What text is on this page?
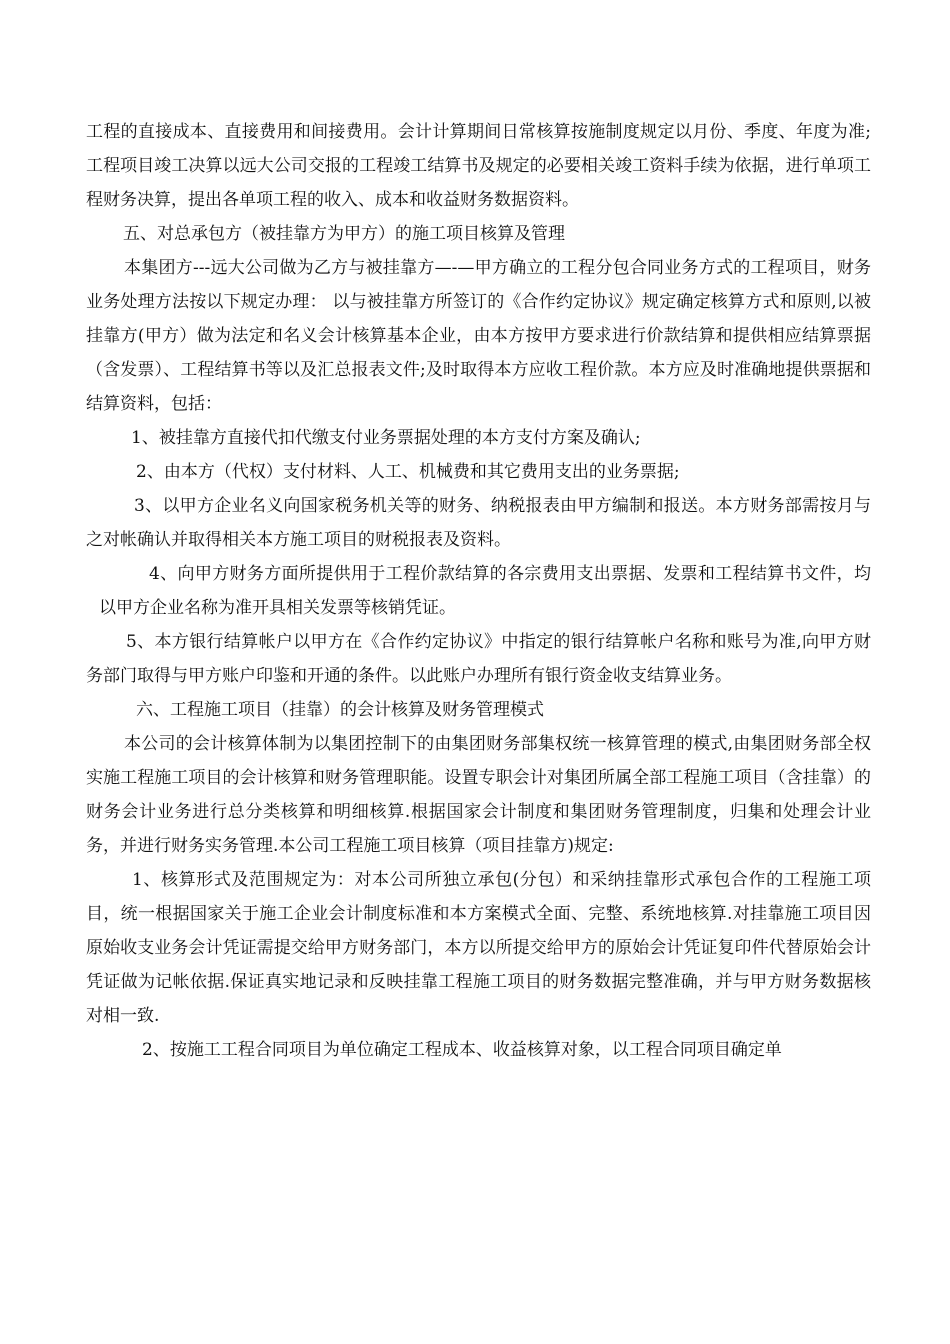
工程的直接成本、直接费用和间接费用。会计计算期间日常核算按施制度规定以月份、季度、年度为准;工程项目竣工决算以远大公司交报的工程竣工结算书及规定的必要相关竣工资料手续为依据，进行单项工程财务决算，提出各单项工程的收入、成本和收益财务数据资料。

五、对总承包方（被挂靠方为甲方）的施工项目核算及管理

本集团方---远大公司做为乙方与被挂靠方—-—甲方确立的工程分包合同业务方式的工程项目，财务业务处理方法按以下规定办理： 以与被挂靠方所签订的《合作约定协议》规定确定核算方式和原则,以被挂靠方(甲方）做为法定和名义会计核算基本企业，由本方按甲方要求进行价款结算和提供相应结算票据（含发票）、工程结算书等以及汇总报表文件;及时取得本方应收工程价款。本方应及时准确地提供票据和结算资料，包括：

1、被挂靠方直接代扣代缴支付业务票据处理的本方支付方案及确认;

2、由本方（代权）支付材料、人工、机械费和其它费用支出的业务票据;

3、以甲方企业名义向国家税务机关等的财务、纳税报表由甲方编制和报送。本方财务部需按月与之对帐确认并取得相关本方施工项目的财税报表及资料。

4、向甲方财务方面所提供用于工程价款结算的各宗费用支出票据、发票和工程结算书文件，均以甲方企业名称为准开具相关发票等核销凭证。

5、本方银行结算帐户以甲方在《合作约定协议》中指定的银行结算帐户名称和账号为准,向甲方财务部门取得与甲方账户印鉴和开通的条件。以此账户办理所有银行资金收支结算业务。

六、工程施工项目（挂靠）的会计核算及财务管理模式

本公司的会计核算体制为以集团控制下的由集团财务部集权统一核算管理的模式,由集团财务部全权实施工程施工项目的会计核算和财务管理职能。设置专职会计对集团所属全部工程施工项目（含挂靠）的财务会计业务进行总分类核算和明细核算.根据国家会计制度和集团财务管理制度，归集和处理会计业务，并进行财务实务管理.本公司工程施工项目核算（项目挂靠方)规定:

1、核算形式及范围规定为：对本公司所独立承包(分包）和采纳挂靠形式承包合作的工程施工项目，统一根据国家关于施工企业会计制度标准和本方案模式全面、完整、系统地核算.对挂靠施工项目因原始收支业务会计凭证需提交给甲方财务部门，本方以所提交给甲方的原始会计凭证复印件代替原始会计凭证做为记帐依据.保证真实地记录和反映挂靠工程施工项目的财务数据完整准确，并与甲方财务数据核对相一致.

2、按施工工程合同项目为单位确定工程成本、收益核算对象，以工程合同项目确定单
